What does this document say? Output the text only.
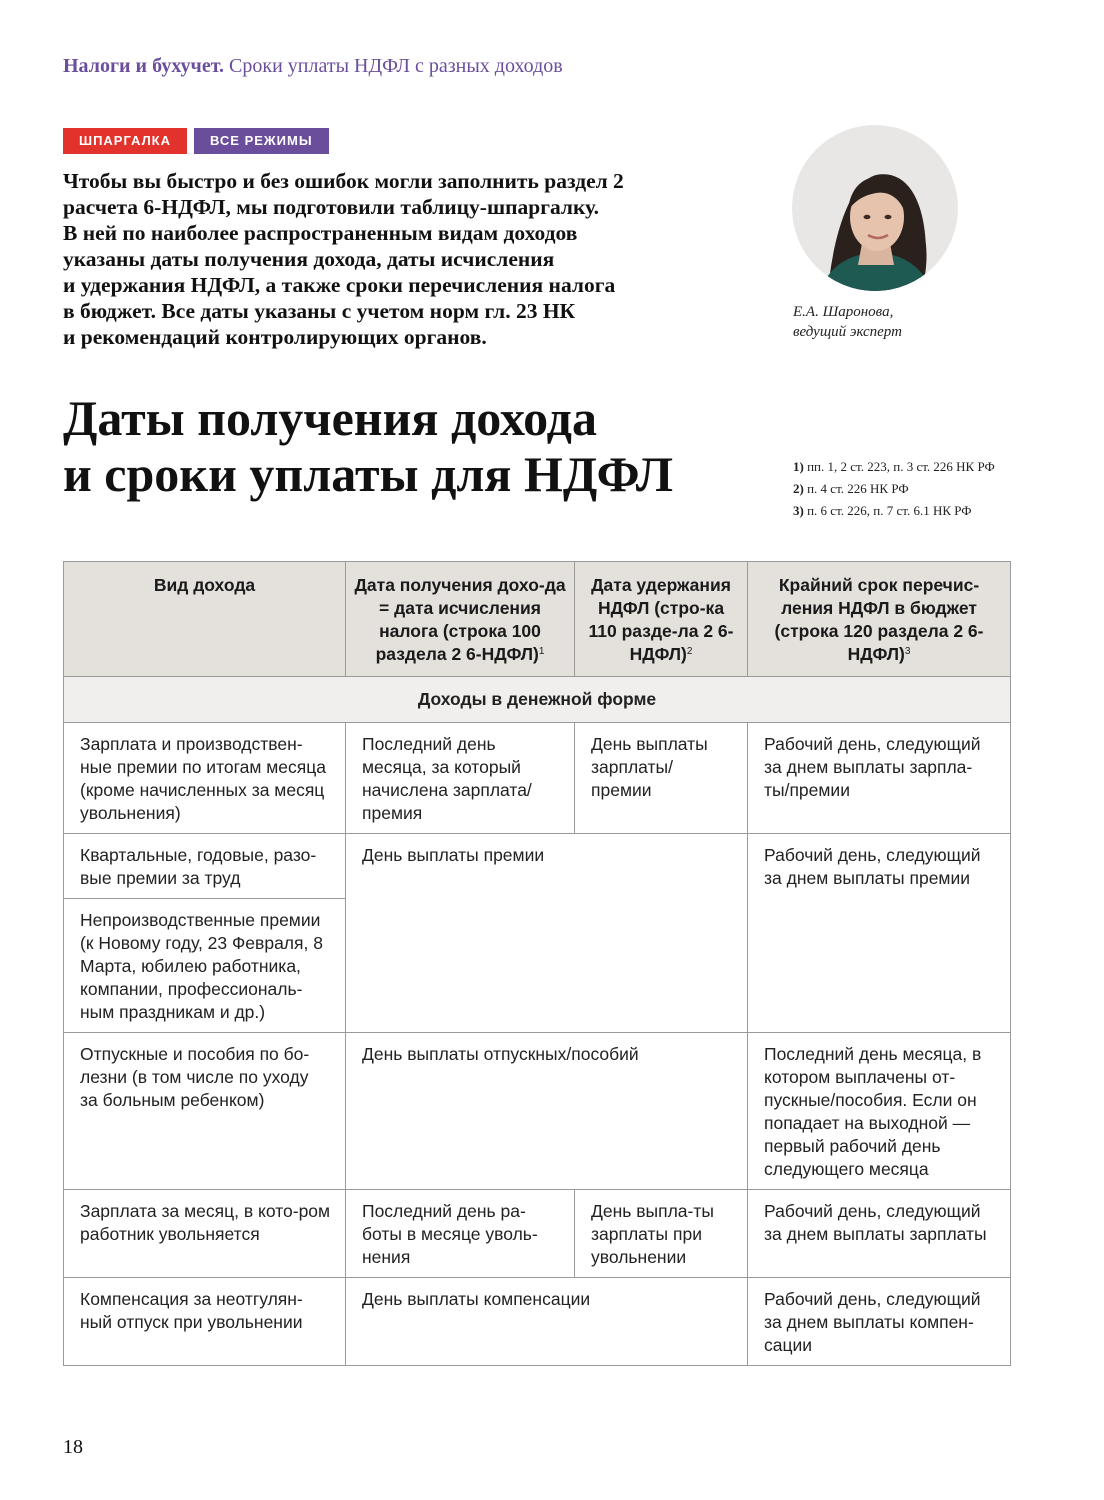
Налоги и бухучет. Сроки уплаты НДФЛ с разных доходов
ШПАРГАЛКА	ВСЕ РЕЖИМЫ
Чтобы вы быстро и без ошибок могли заполнить раздел 2
расчета 6-НДФЛ, мы подготовили таблицу-шпаргалку.
В ней по наиболее распространенным видам доходов
указаны даты получения дохода, даты исчисления
и удержания НДФЛ, а также сроки перечисления налога
в бюджет. Все даты указаны с учетом норм гл. 23 НК
и рекомендаций контролирующих органов.
Е.А. Шаронова,
ведущий эксперт
Даты получения дохода
и сроки уплаты для НДФЛ	1) пп. 1, 2 ст. 223, п. 3 ст. 226 НК РФ
2) п. 4 ст. 226 НК РФ
3) п. 6 ст. 226, п. 7 ст. 6.1 НК РФ
Вид дохода	Дата получения дохо-да = дата исчисления налога (строка 100 раздела 2 6-НДФЛ)$^1$	Дата удержания НДФЛ (стро-ка 110 разде-ла 2 6-НДФЛ)$^2$	Крайний срок перечис-ления НДФЛ в бюджет (строка 120 раздела 2 6-НДФЛ)$^3$
Доходы в денежной форме			
Зарплата и производствен-ные премии по итогам месяца (кроме начисленных за месяц увольнения)	Последний день месяца, за который начислена зарплата/премия	День выплаты зарплаты/премии	Рабочий день, следующий за днем выплаты зарпла-ты/премии
Квартальные, годовые, разо-вые премии за труд	День выплаты премии		Рабочий день, следующий за днем выплаты премии
Непроизводственные премии (к Новому году, 23 Февраля, 8 Марта, юбилею работника, компании, профессиональ-ным праздникам и др.)			
Отпускные и пособия по бо-лезни (в том числе по уходу за больным ребенком)	День выплаты отпускных/пособий		Последний день месяца, в котором выплачены от-пускные/пособия. Если он попадает на выходной — первый рабочий день следующего месяца
Зарплата за месяц, в кото-ром работник увольняется	Последний день ра-боты в месяце уволь-нения	День выпла-ты зарплаты при увольнении	Рабочий день, следующий за днем выплаты зарплаты
Компенсация за неотгулян-ный отпуск при увольнении	День выплаты компенсации		Рабочий день, следующий за днем выплаты компен-сации
18
